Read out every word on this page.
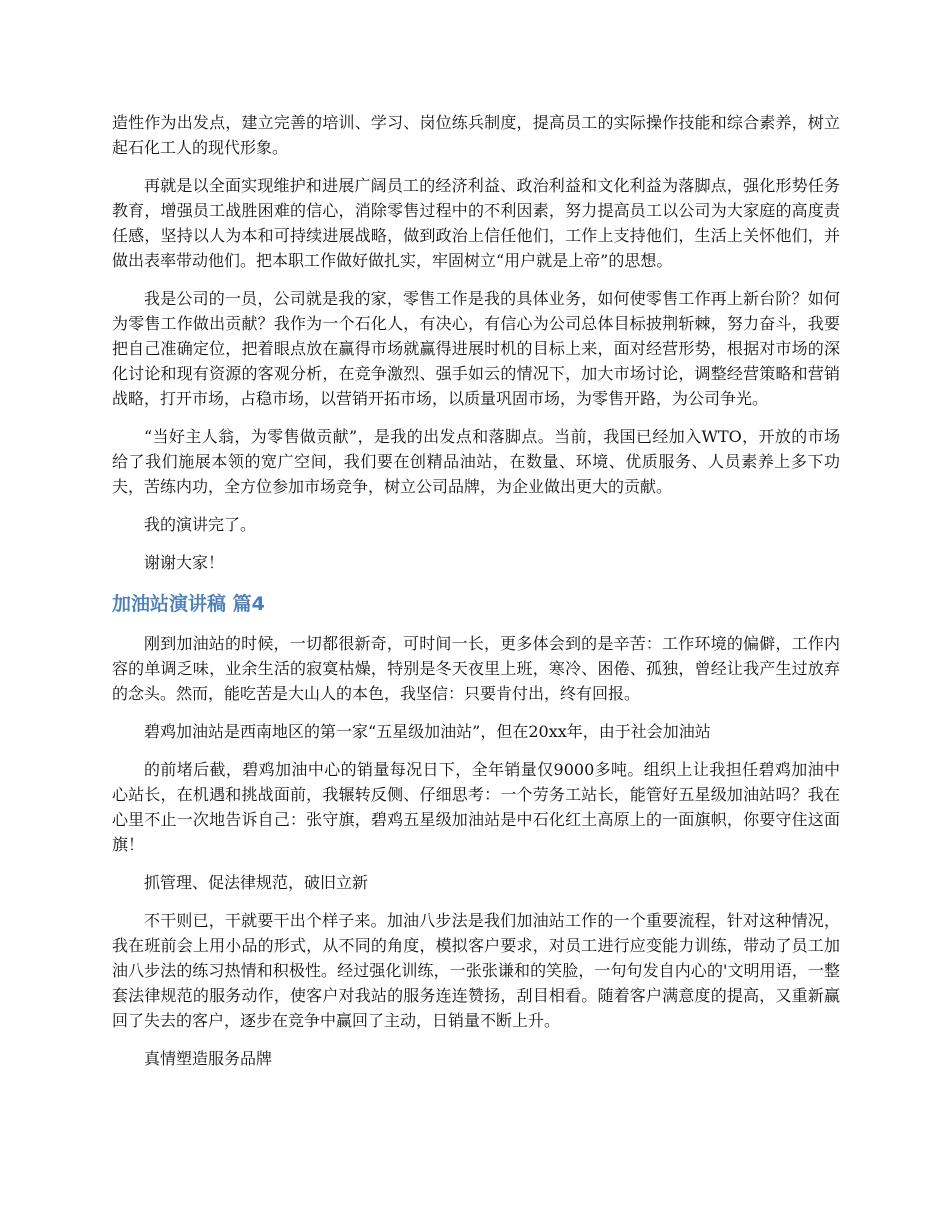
造性作为出发点，建立完善的培训、学习、岗位练兵制度，提高员工的实际操作技能和综合素养，树立起石化工人的现代形象。

再就是以全面实现维护和进展广阔员工的经济利益、政治利益和文化利益为落脚点，强化形势任务教育，增强员工战胜困难的信心，消除零售过程中的不利因素，努力提高员工以公司为大家庭的高度责任感，坚持以人为本和可持续进展战略，做到政治上信任他们，工作上支持他们，生活上关怀他们，并做出表率带动他们。把本职工作做好做扎实，牢固树立“用户就是上帝”的思想。

我是公司的一员，公司就是我的家，零售工作是我的具体业务，如何使零售工作再上新台阶？如何为零售工作做出贡献？我作为一个石化人，有决心，有信心为公司总体目标披荆斩棘，努力奋斗，我要把自己准确定位，把着眼点放在赢得市场就赢得进展时机的目标上来，面对经营形势，根据对市场的深化讨论和现有资源的客观分析，在竞争激烈、强手如云的情况下，加大市场讨论，调整经营策略和营销战略，打开市场，占稳市场，以营销开拓市场，以质量巩固市场，为零售开路，为公司争光。

“当好主人翁，为零售做贡献”，是我的出发点和落脚点。当前，我国已经加入WTO，开放的市场给了我们施展本领的宽广空间，我们要在创精品油站，在数量、环境、优质服务、人员素养上多下功夫，苦练内功，全方位参加市场竞争，树立公司品牌，为企业做出更大的贡献。

我的演讲完了。

谢谢大家！

加油站演讲稿 篇4

刚到加油站的时候，一切都很新奇，可时间一长，更多体会到的是辛苦：工作环境的偏僻，工作内容的单调乏味，业余生活的寂寞枯燥，特别是冬天夜里上班，寒冷、困倦、孤独，曾经让我产生过放弃的念头。然而，能吃苦是大山人的本色，我坚信：只要肯付出，终有回报。

碧鸡加油站是西南地区的第一家“五星级加油站”，但在20xx年，由于社会加油站

的前堵后截，碧鸡加油中心的销量每况日下，全年销量仅9000多吨。组织上让我担任碧鸡加油中心站长，在机遇和挑战面前，我辗转反侧、仔细思考：一个劳务工站长，能管好五星级加油站吗？我在心里不止一次地告诉自己：张守旗，碧鸡五星级加油站是中石化红土高原上的一面旗帜，你要守住这面旗！

抓管理、促法律规范，破旧立新

不干则已，干就要干出个样子来。加油八步法是我们加油站工作的一个重要流程，针对这种情况，我在班前会上用小品的形式，从不同的角度，模拟客户要求，对员工进行应变能力训练，带动了员工加油八步法的练习热情和积极性。经过强化训练，一张张谦和的笑脸，一句句发自内心的'文明用语，一整套法律规范的服务动作，使客户对我站的服务连连赞扬，刮目相看。随着客户满意度的提高，又重新赢回了失去的客户，逐步在竞争中赢回了主动，日销量不断上升。

真情塑造服务品牌
